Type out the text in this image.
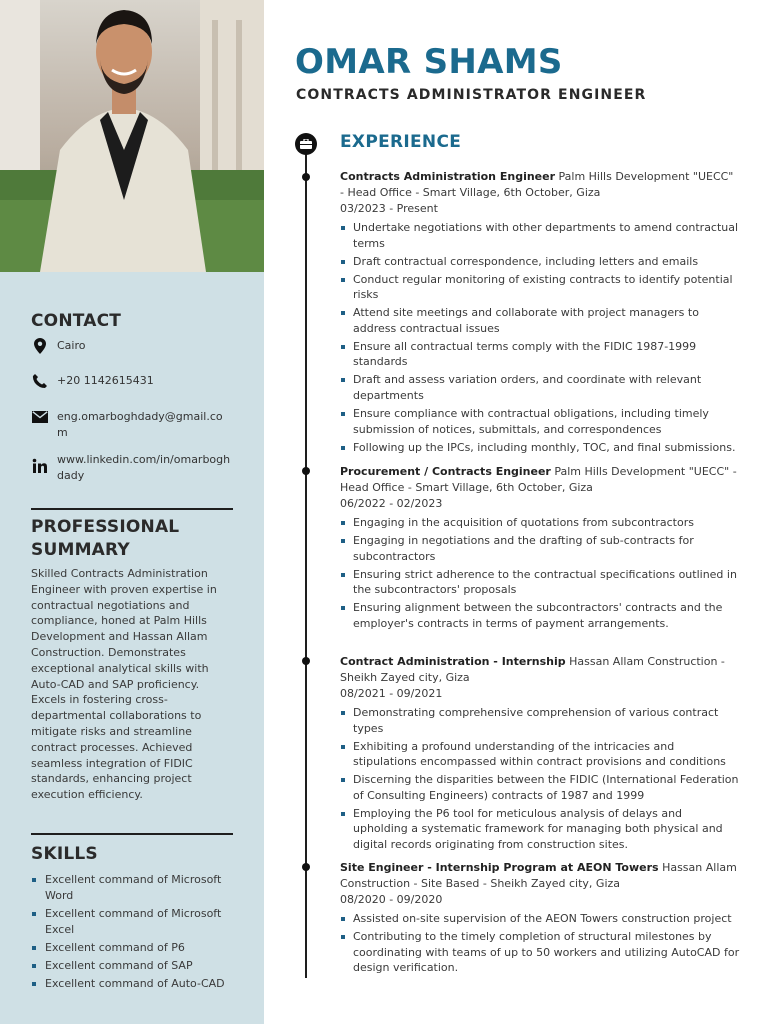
CONTACT
Cairo
+20 1142615431
eng.omarboghdady@gmail.com
www.linkedin.com/in/omarboghdady
PROFESSIONAL SUMMARY
Skilled Contracts Administration Engineer with proven expertise in contractual negotiations and compliance, honed at Palm Hills Development and Hassan Allam Construction. Demonstrates exceptional analytical skills with Auto-CAD and SAP proficiency. Excels in fostering cross-departmental collaborations to mitigate risks and streamline contract processes. Achieved seamless integration of FIDIC standards, enhancing project execution efficiency.
SKILLS
Excellent command of Microsoft Word
Excellent command of Microsoft Excel
Excellent command of P6
Excellent command of SAP
Excellent command of Auto-CAD
OMAR SHAMS
CONTRACTS ADMINISTRATOR ENGINEER
EXPERIENCE
Contracts Administration Engineer Palm Hills Development "UECC" - Head Office - Smart Village, 6th October, Giza
03/2023 - Present
Undertake negotiations with other departments to amend contractual terms
Draft contractual correspondence, including letters and emails
Conduct regular monitoring of existing contracts to identify potential risks
Attend site meetings and collaborate with project managers to address contractual issues
Ensure all contractual terms comply with the FIDIC 1987-1999 standards
Draft and assess variation orders, and coordinate with relevant departments
Ensure compliance with contractual obligations, including timely submission of notices, submittals, and correspondences
Following up the IPCs, including monthly, TOC, and final submissions.
Procurement / Contracts Engineer Palm Hills Development "UECC" - Head Office - Smart Village, 6th October, Giza
06/2022 - 02/2023
Engaging in the acquisition of quotations from subcontractors
Engaging in negotiations and the drafting of sub-contracts for subcontractors
Ensuring strict adherence to the contractual specifications outlined in the subcontractors' proposals
Ensuring alignment between the subcontractors' contracts and the employer's contracts in terms of payment arrangements.
Contract Administration - Internship Hassan Allam Construction - Sheikh Zayed city, Giza
08/2021 - 09/2021
Demonstrating comprehensive comprehension of various contract types
Exhibiting a profound understanding of the intricacies and stipulations encompassed within contract provisions and conditions
Discerning the disparities between the FIDIC (International Federation of Consulting Engineers) contracts of 1987 and 1999
Employing the P6 tool for meticulous analysis of delays and upholding a systematic framework for managing both physical and digital records originating from construction sites.
Site Engineer - Internship Program at AEON Towers Hassan Allam Construction - Site Based - Sheikh Zayed city, Giza
08/2020 - 09/2020
Assisted on-site supervision of the AEON Towers construction project
Contributing to the timely completion of structural milestones by coordinating with teams of up to 50 workers and utilizing AutoCAD for design verification.
